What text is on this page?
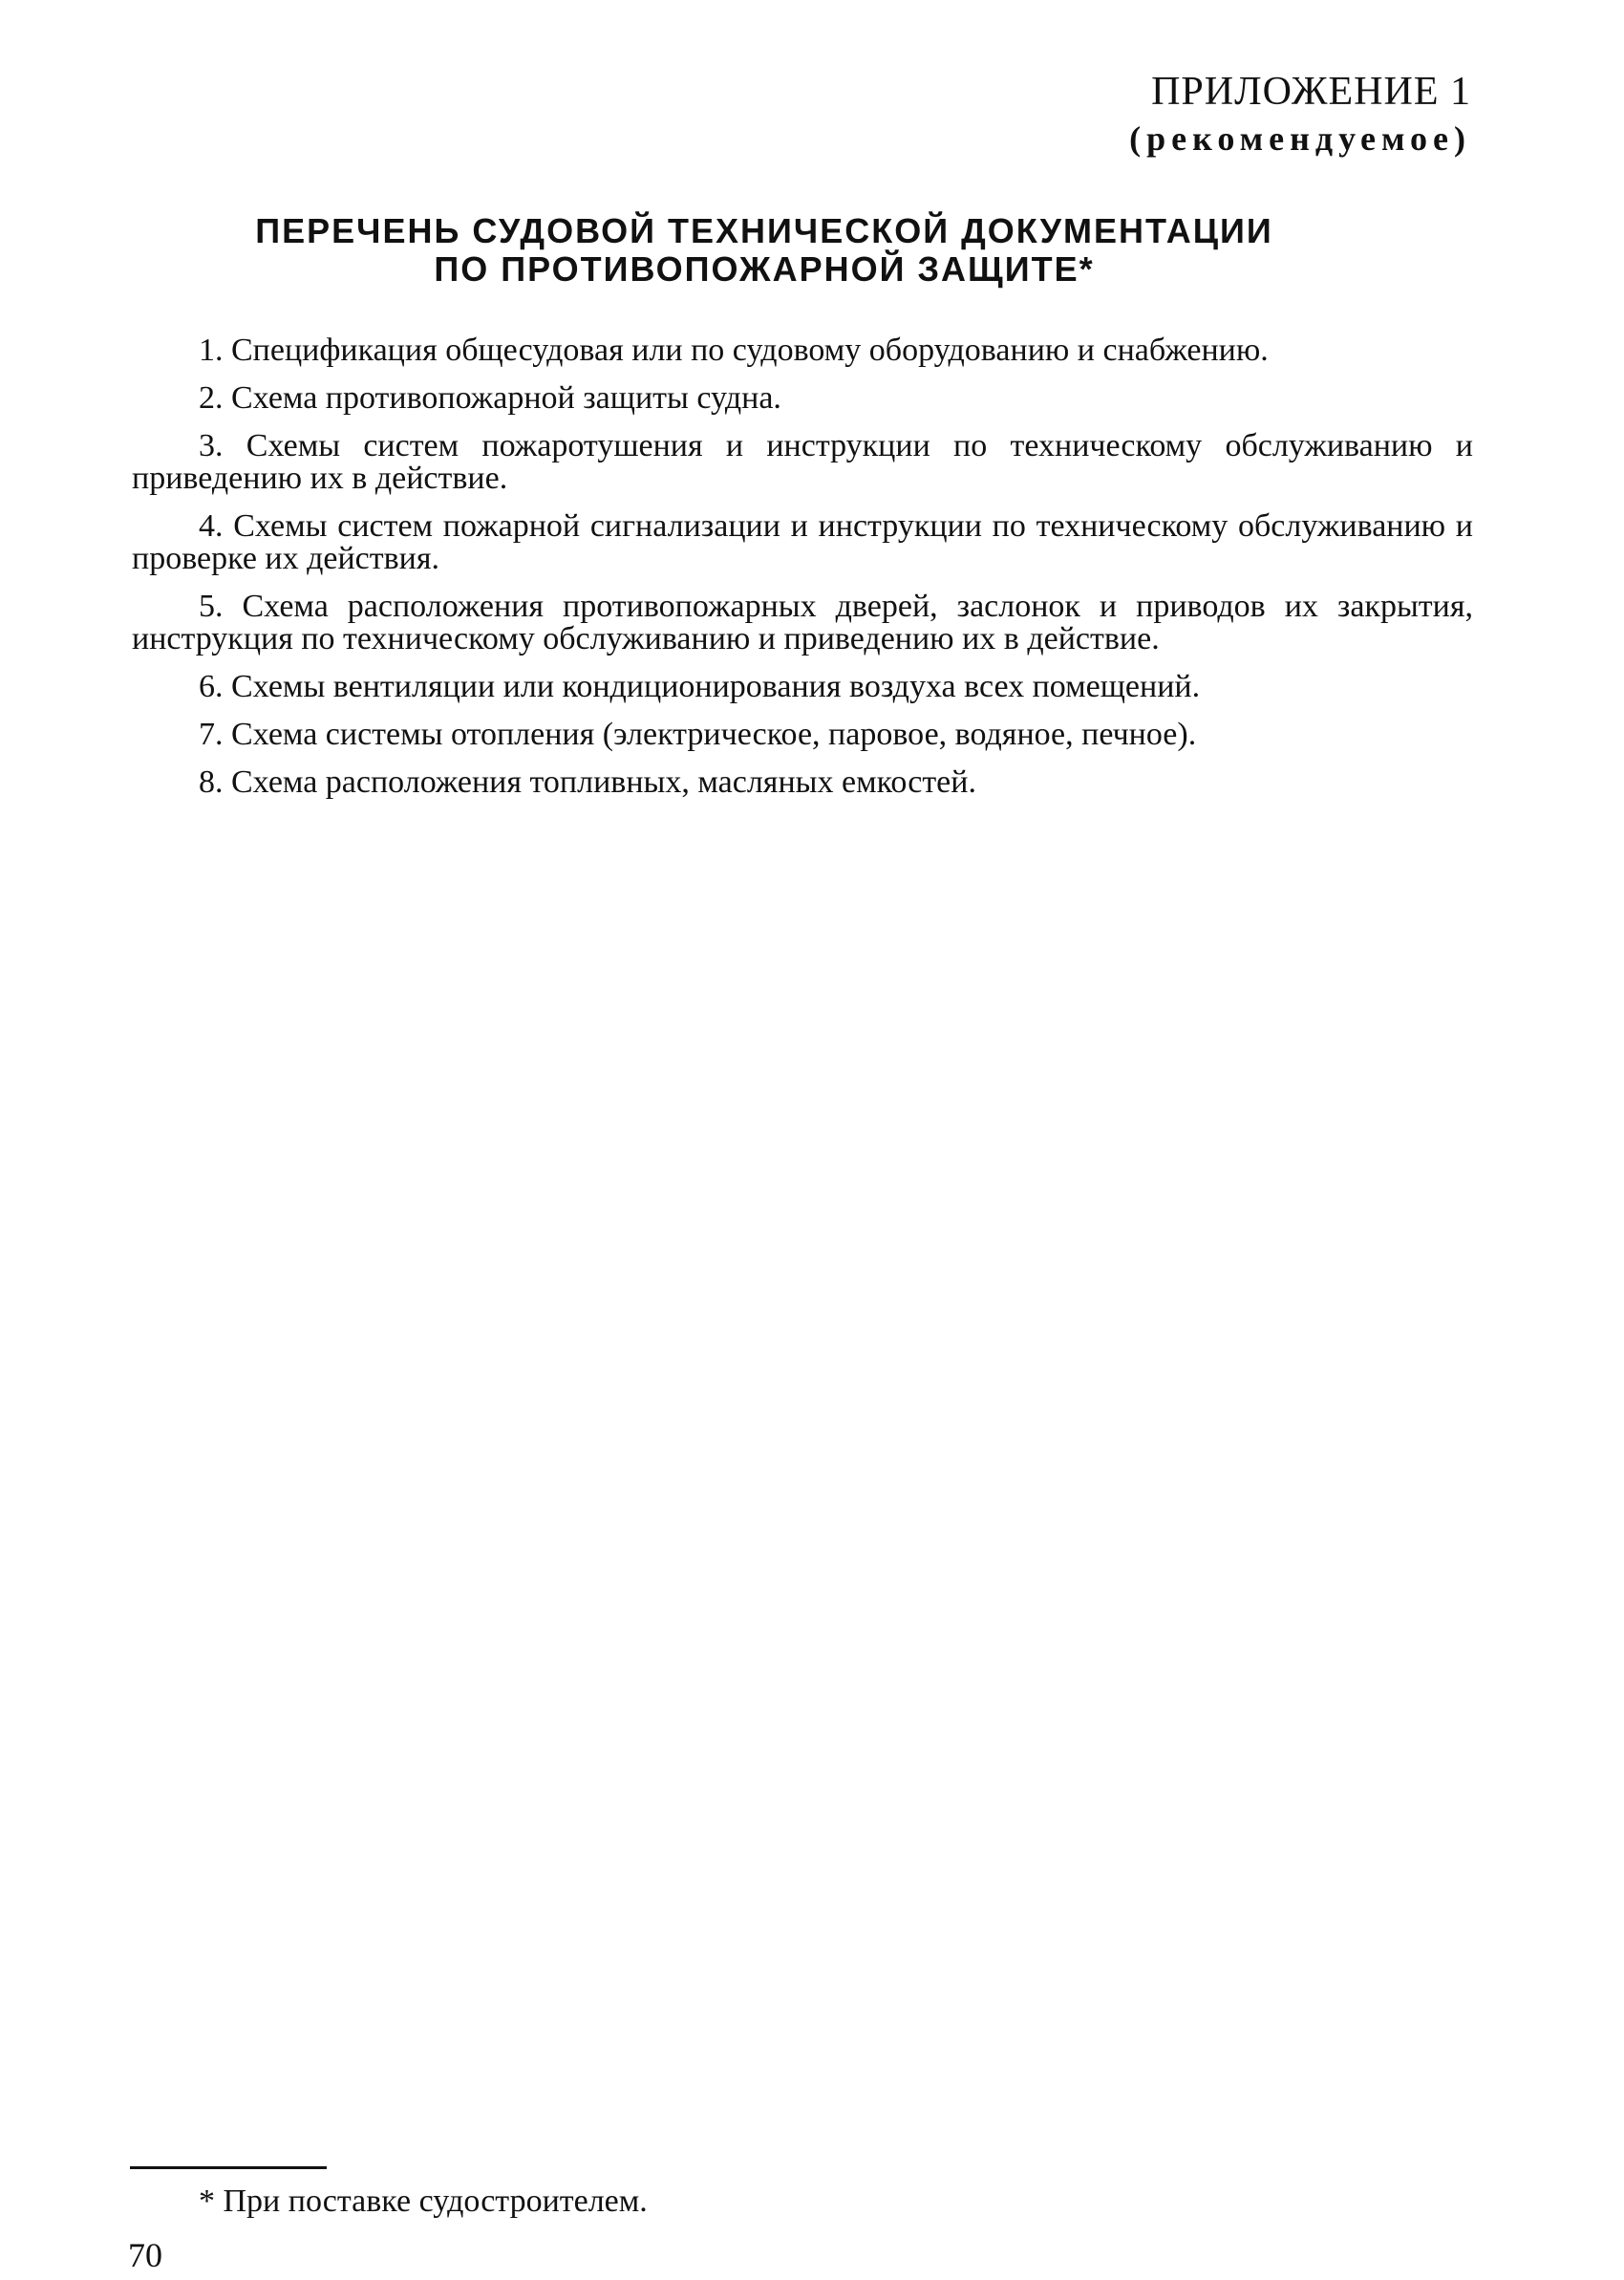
ПРИЛОЖЕНИЕ 1
(рекомендуемое)
ПЕРЕЧЕНЬ СУДОВОЙ ТЕХНИЧЕСКОЙ ДОКУМЕНТАЦИИ
ПО ПРОТИВОПОЖАРНОЙ ЗАЩИТЕ*
1. Спецификация общесудовая или по судовому оборудованию и снабжению.
2. Схема противопожарной защиты судна.
3. Схемы систем пожаротушения и инструкции по техническому обслуживанию и приведению их в действие.
4. Схемы систем пожарной сигнализации и инструкции по техническому обслуживанию и проверке их действия.
5. Схема расположения противопожарных дверей, заслонок и приводов их закрытия, инструкция по техническому обслуживанию и приведению их в действие.
6. Схемы вентиляции или кондиционирования воздуха всех помещений.
7. Схема системы отопления (электрическое, паровое, водяное, печное).
8. Схема расположения топливных, масляных емкостей.
* При поставке судостроителем.
70
